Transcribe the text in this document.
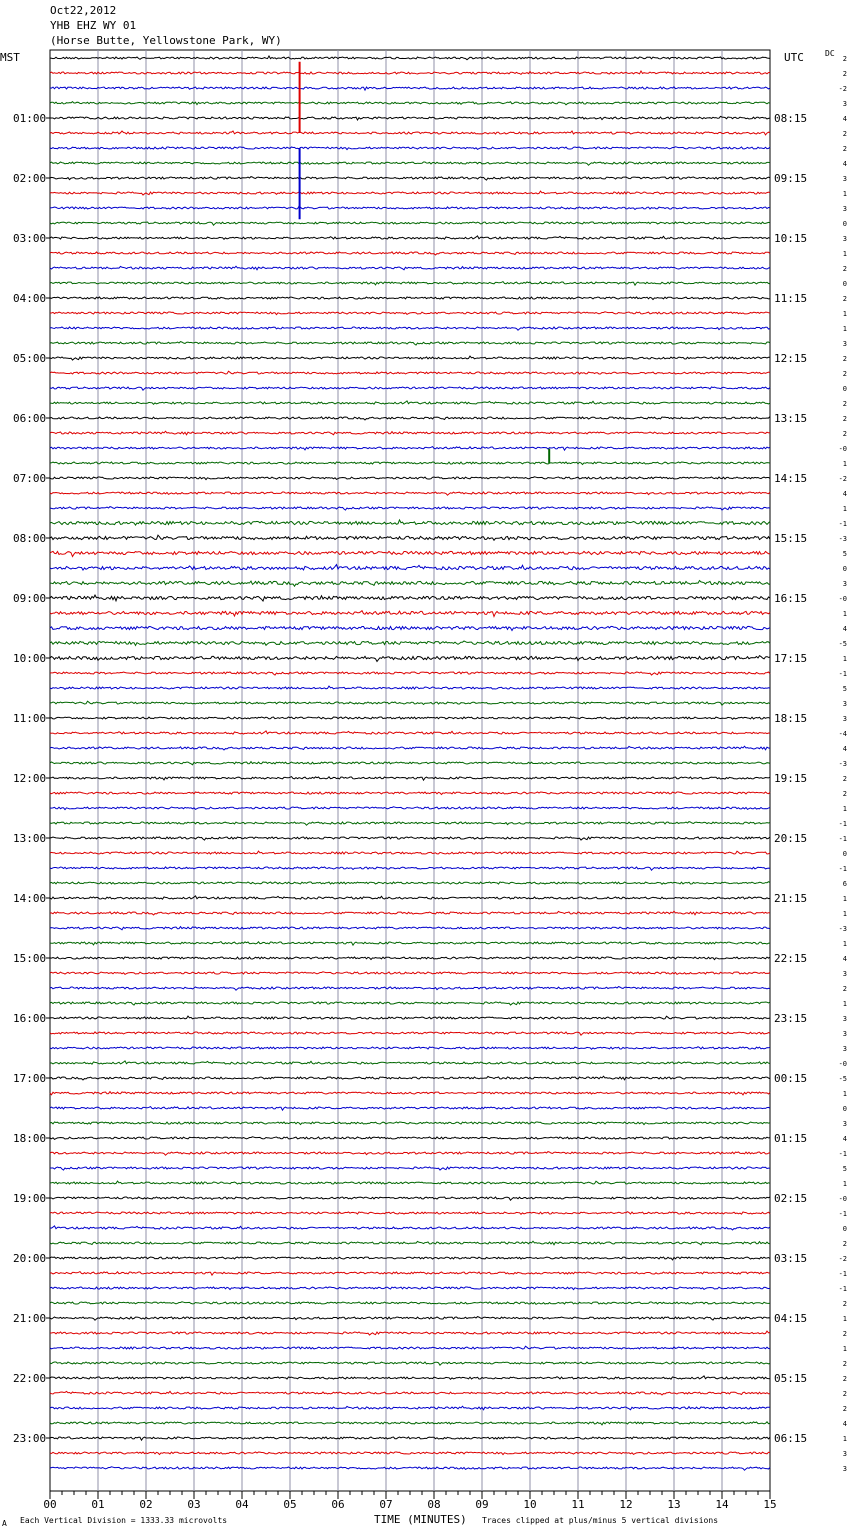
Oct22,2012
YHB EHZ WY 01
(Horse Butte, Yellowstone Park, WY)
MST	UTC	DC
00	01	02	03	04	05	06	07	08	09	10	11	12	13	14	15
01:00
02:00
03:00
04:00
05:00
06:00
07:00
08:00
09:00
10:00
11:00
12:00
13:00
14:00
15:00
16:00
17:00
18:00
19:00
20:00
21:00
22:00
23:00
08:15
09:15
10:15
11:15
12:15
13:15
14:15
15:15
16:15
17:15
18:15
19:15
20:15
21:15
22:15
23:15
00:15
01:15
02:15
03:15
04:15
05:15
06:15
2
2
-2
3
4
2
2
4
3
1
3
0
3
1
2
0
2
1
1
3
2
2
0
2
2
2
-0
1
-2
4
1
-1
-3
5
0
3
-0
1
4
-5
1
-1
5
3
3
-4
4
-3
2
2
1
-1
-1
0
-1
6
1
1
-3
1
4
3
2
1
3
3
3
-0
-5
1
0
3
4
-1
5
1
-0
-1
0
2
-2
-1
-1
2
1
2
1
2
2
2
2
4
1
3
3
A Each Vertical Division = 1333.33 microvolts	TIME (MINUTES) Traces clipped at plus/minus 5 vertical divisions
